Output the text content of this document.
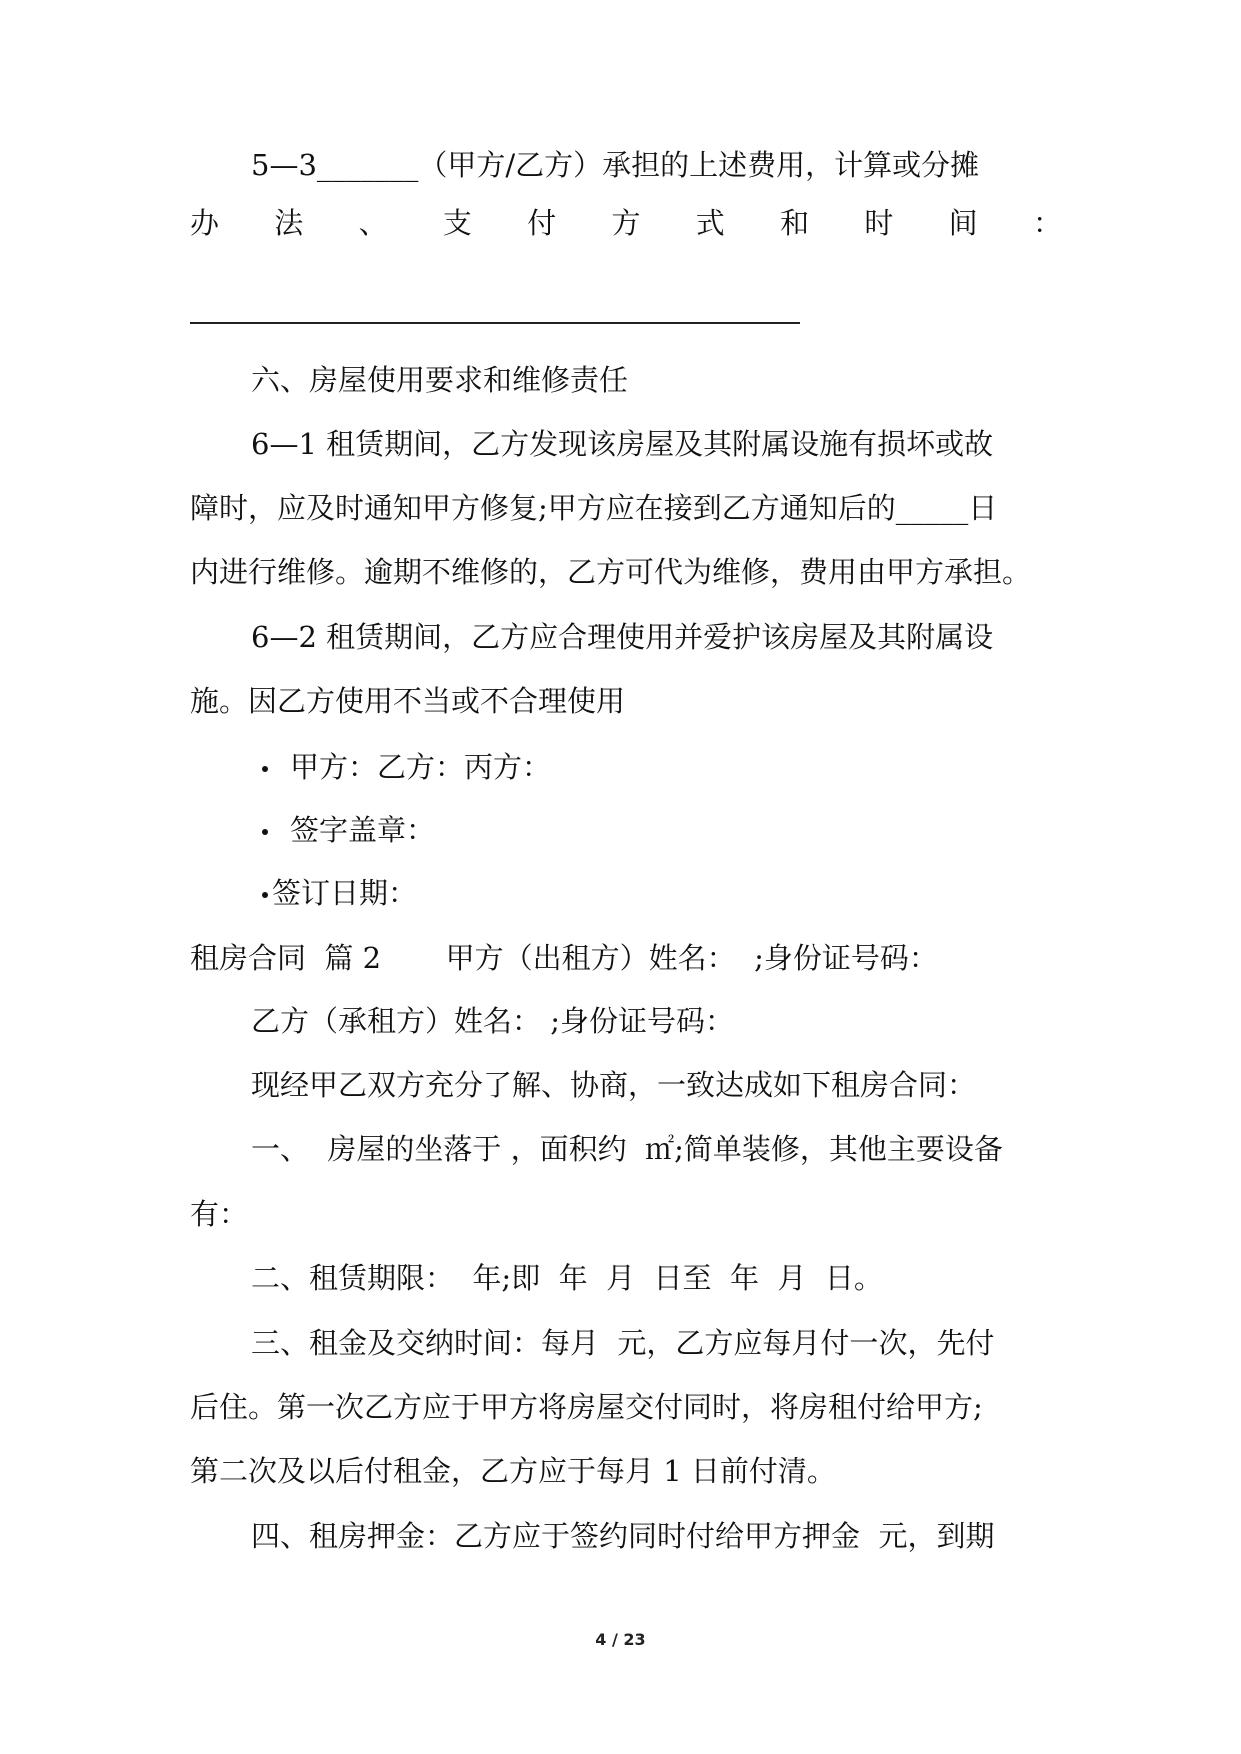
5—3_______（甲方/乙方）承担的上述费用，计算或分摊
办 法 、 支 付 方 式 和 时 间 ：
六、房屋使用要求和维修责任
6—1 租赁期间，乙方发现该房屋及其附属设施有损坏或故
障时，应及时通知甲方修复;甲方应在接到乙方通知后的_____日
内进行维修。逾期不维修的，乙方可代为维修，费用由甲方承担。
6—2 租赁期间，乙方应合理使用并爱护该房屋及其附属设
施。因乙方使用不当或不合理使用
甲方：乙方：丙方：
签字盖章：
签订日期：
租房合同  篇 2       甲方（出租方）姓名：  ;身份证号码：
乙方（承租方）姓名： ;身份证号码：
现经甲乙双方充分了解、协商，一致达成如下租房合同：
一、  房屋的坐落于 ，面积约  ㎡;简单装修，其他主要设备
有：
二、租赁期限：  年;即  年  月  日至  年  月  日。
三、租金及交纳时间：每月  元，乙方应每月付一次，先付
后住。第一次乙方应于甲方将房屋交付同时，将房租付给甲方;
第二次及以后付租金，乙方应于每月 1 日前付清。
四、租房押金：乙方应于签约同时付给甲方押金  元，到期
4 / 23
